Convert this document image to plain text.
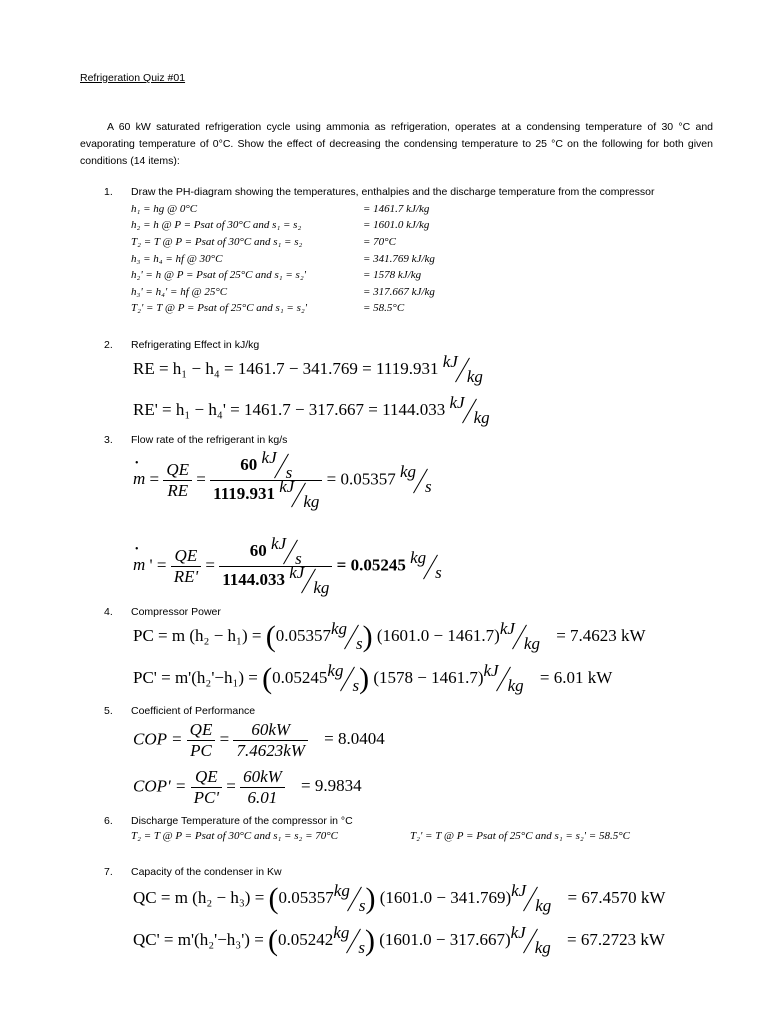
Refrigeration Quiz #01

A 60 kW saturated refrigeration cycle using ammonia as refrigeration, operates at a condensing temperature of 30 °C and evaporating temperature of 0°C. Show the effect of decreasing the condensing temperature to 25 °C on the following for both given conditions (14 items):

1. Draw the PH-diagram showing the temperatures, enthalpies and the discharge temperature from the compressor
h₁ = hg @ 0°C	= 1461.7 kJ/kg
h₂ = h @ P = Psat of 30°C and s₁ = s₂	= 1601.0 kJ/kg
T₂ = T @ P = Psat of 30°C and s₁ = s₂	= 70°C
h₃ = h₄ = hf @ 30°C	= 341.769 kJ/kg
h₂' = h @ P = Psat of 25°C and s₁ = s₂'	= 1578 kJ/kg
h₃' = h₄' = hf @ 25°C	= 317.667 kJ/kg
T₂' = T @ P = Psat of 25°C and s₁ = s₂'	= 58.5°C
2. Refrigerating Effect in kJ/kg
RE = h₁ − h₄ = 1461.7 − 341.769 = 1119.931 kJkg
RE' = h₁ − h₄' = 1461.7 − 317.667 = 1144.033 kJkg
3. Flow rate of the refrigerant in kg/s
• $m = \frac{QE}{RE} = \frac{\text{60 kJs}}{\text{1119.931 kJkg}} = 0.05357$ kgs
• m ' = $\frac{QE}{RE'} = \frac{\text{60 kJs}}{\text{1144.033 kJkg}} = 0.05245$ kgs
4. Compressor Power
PC = m (h₂ − h₁) = (0.05357kgs) (1601.0 − 1461.7)kJkg = 7.4623 kW
PC' = m'(h₂'−h₁) = (0.05245kgs) (1578 − 1461.7)kJkg = 6.01 kW
5. Coefficient of Performance
COP = $\frac{QE}{PC} = \frac{60kW}{7.4623kW} = 8.0404$
$COP' = \frac{QE}{PC'} = \frac{60kW}{6.01} = 9.9834$
6. Discharge Temperature of the compressor in °C
T₂ = T @ P = Psat of 30°C and s₁ = s₂ = 70°C	T₂' = T @ P = Psat of 25°C and s₁ = s₂' = 58.5°C
7. Capacity of the condenser in Kw
QC = m (h₂ − h₃) = (0.05357kgs) (1601.0 − 341.769)kJkg = 67.4570 kW
QC' = m'(h₂'−h₃') = (0.05242kgs) (1601.0 − 317.667)kJkg = 67.2723 kW
